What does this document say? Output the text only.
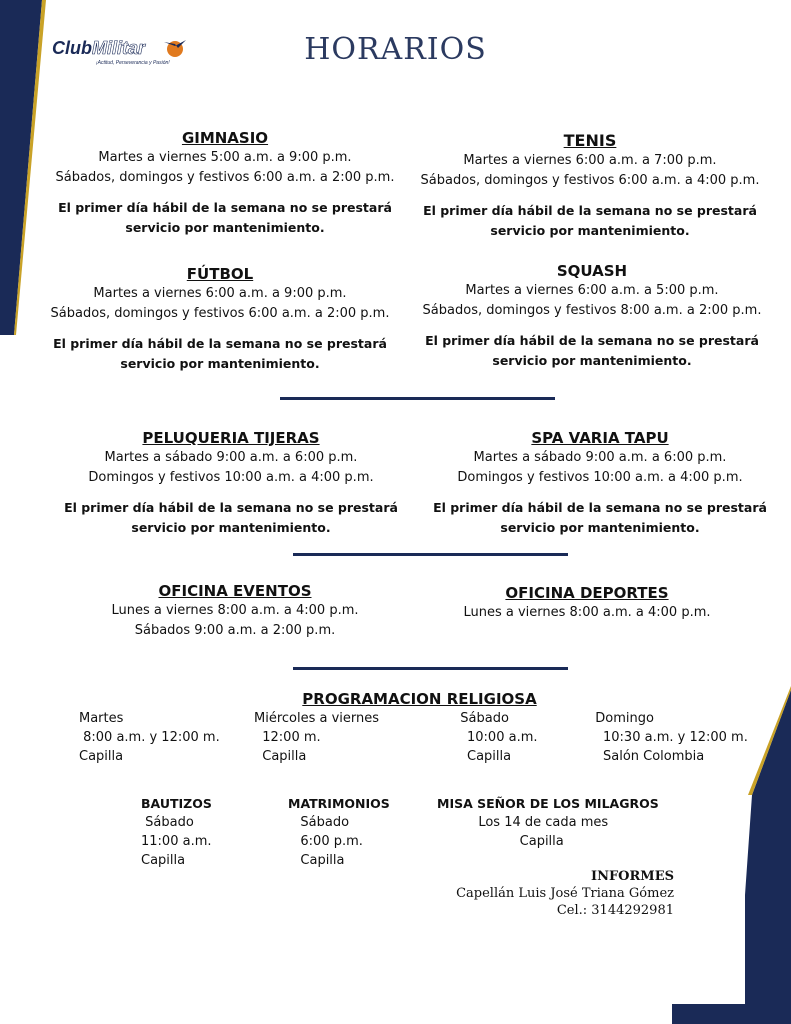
ClubMilitar
¡Actitud, Perseverancia y Pasión!	HORARIOS

GIMNASIO

Martes a viernes 5:00 a.m. a 9:00 p.m.

Sábados, domingos y festivos 6:00 a.m. a 2:00 p.m.

El primer día hábil de la semana no se prestará

servicio por mantenimiento.

TENIS

Martes a viernes 6:00 a.m. a 7:00 p.m.

Sábados, domingos y festivos 6:00 a.m. a 4:00 p.m.

El primer día hábil de la semana no se prestará

servicio por mantenimiento.

FÚTBOL

Martes a viernes 6:00 a.m. a 9:00 p.m.

Sábados, domingos y festivos 6:00 a.m. a 2:00 p.m.

El primer día hábil de la semana no se prestará

servicio por mantenimiento.

SQUASH

Martes a viernes 6:00 a.m. a 5:00 p.m.

Sábados, domingos y festivos 8:00 a.m. a 2:00 p.m.

El primer día hábil de la semana no se prestará

servicio por mantenimiento.

PELUQUERIA TIJERAS

Martes a sábado 9:00 a.m. a 6:00 p.m.

Domingos y festivos 10:00 a.m. a 4:00 p.m.

El primer día hábil de la semana no se prestará

servicio por mantenimiento.

SPA VARIA TAPU

Martes a sábado 9:00 a.m. a 6:00 p.m.

Domingos y festivos 10:00 a.m. a 4:00 p.m.

El primer día hábil de la semana no se prestará

servicio por mantenimiento.

OFICINA EVENTOS

Lunes a viernes 8:00 a.m. a 4:00 p.m.

Sábados 9:00 a.m. a 2:00 p.m.

OFICINA DEPORTES

Lunes a viernes 8:00 a.m. a 4:00 p.m.

PROGRAMACION RELIGIOSA
Martes
8:00 a.m. y 12:00 m.
Capilla
Miércoles a viernes
12:00 m.
Capilla
Sábado
10:00 a.m.
Capilla
Domingo
10:30 a.m. y 12:00 m.
Salón Colombia
BAUTIZOS
Sábado
11:00 a.m.
Capilla
MATRIMONIOS
Sábado
6:00 p.m.
Capilla
MISA SEÑOR DE LOS MILAGROS
Los 14 de cada mes
Capilla
INFORMES
Capellán Luis José Triana Gómez
Cel.: 3144292981
